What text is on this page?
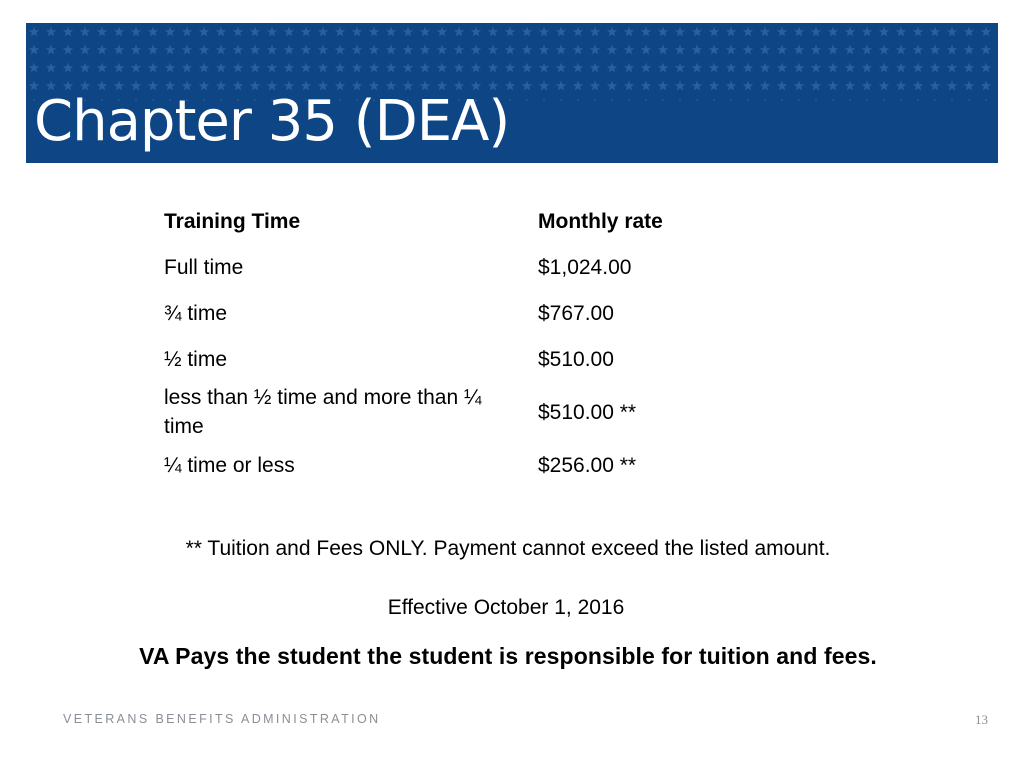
Chapter 35 (DEA)
Training Time	Monthly rate
Full time	$1,024.00
¾ time	$767.00
½ time	$510.00
less than ½ time and more than ¼ time	$510.00 **
¼ time or less	$256.00 **
** Tuition and Fees ONLY. Payment cannot exceed the listed amount.
Effective October 1, 2016
VA Pays the student the student is responsible for tuition and fees.
VETERANS BENEFITS ADMINISTRATION	13
